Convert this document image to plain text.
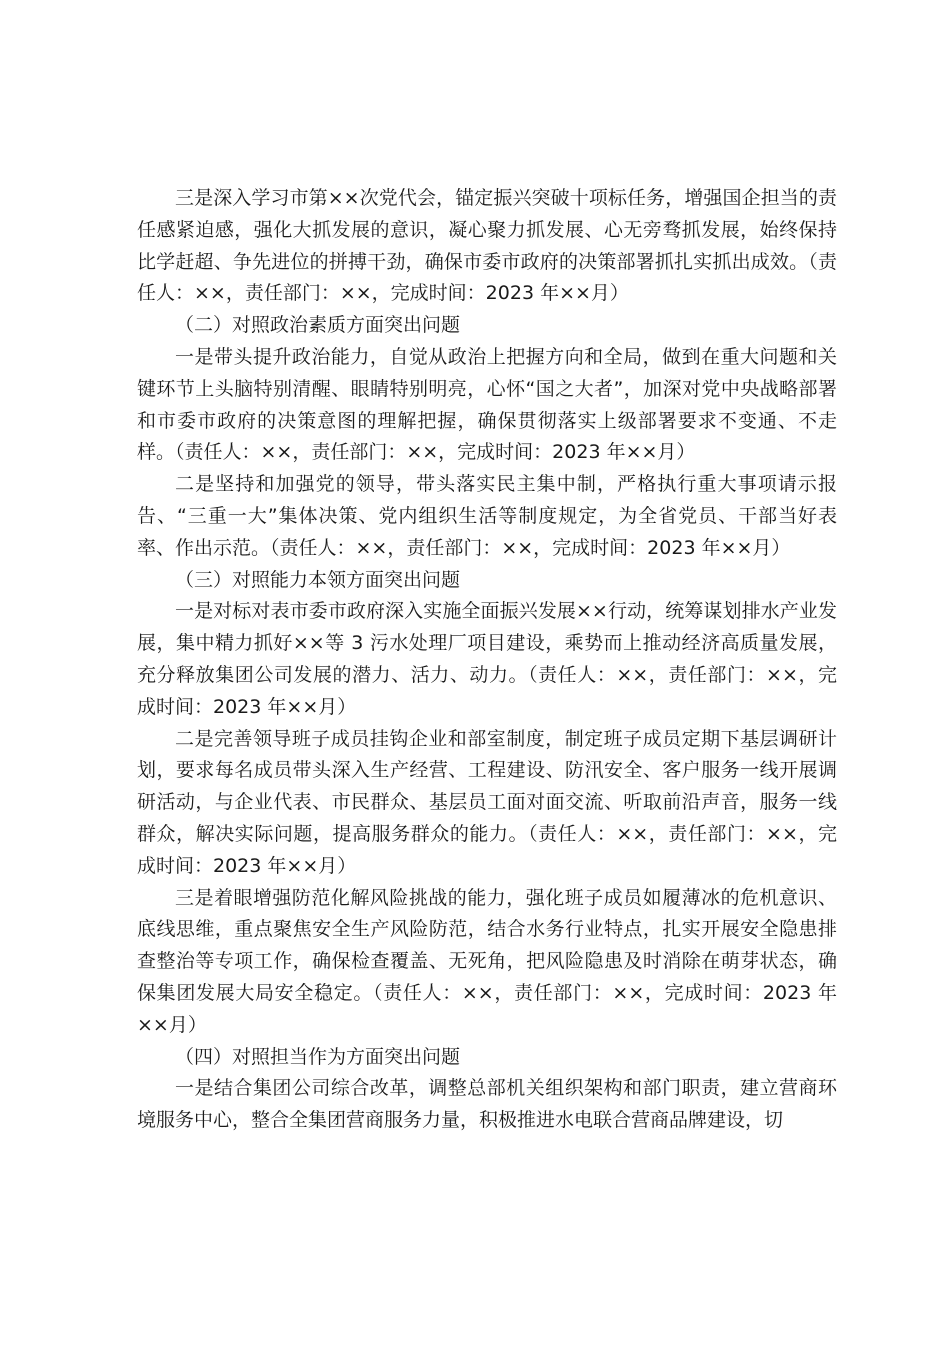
三是深入学习市第××次党代会，锚定振兴突破十项标任务，增强国企担当的责任感紧迫感，强化大抓发展的意识，凝心聚力抓发展、心无旁骛抓发展，始终保持比学赶超、争先进位的拼搏干劲，确保市委市政府的决策部署抓扎实抓出成效。（责任人：××，责任部门：××，完成时间：2023 年××月）

（二）对照政治素质方面突出问题

一是带头提升政治能力，自觉从政治上把握方向和全局，做到在重大问题和关键环节上头脑特别清醒、眼睛特别明亮，心怀“国之大者”，加深对党中央战略部署和市委市政府的决策意图的理解把握，确保贯彻落实上级部署要求不变通、不走样。（责任人：××，责任部门：××，完成时间：2023 年××月）

二是坚持和加强党的领导，带头落实民主集中制，严格执行重大事项请示报告、“三重一大”集体决策、党内组织生活等制度规定，为全省党员、干部当好表率、作出示范。（责任人：××，责任部门：××，完成时间：2023 年××月）

（三）对照能力本领方面突出问题

一是对标对表市委市政府深入实施全面振兴发展××行动，统筹谋划排水产业发展，集中精力抓好××等 3 污水处理厂项目建设，乘势而上推动经济高质量发展，充分释放集团公司发展的潜力、活力、动力。（责任人：××，责任部门：××，完成时间：2023 年××月）

二是完善领导班子成员挂钩企业和部室制度，制定班子成员定期下基层调研计划，要求每名成员带头深入生产经营、工程建设、防汛安全、客户服务一线开展调研活动，与企业代表、市民群众、基层员工面对面交流、听取前沿声音，服务一线群众，解决实际问题，提高服务群众的能力。（责任人：××，责任部门：××，完成时间：2023 年××月）

三是着眼增强防范化解风险挑战的能力，强化班子成员如履薄冰的危机意识、底线思维，重点聚焦安全生产风险防范，结合水务行业特点，扎实开展安全隐患排查整治等专项工作，确保检查覆盖、无死角，把风险隐患及时消除在萌芽状态，确保集团发展大局安全稳定。（责任人：××，责任部门：××，完成时间：2023 年××月）

（四）对照担当作为方面突出问题

一是结合集团公司综合改革，调整总部机关组织架构和部门职责，建立营商环境服务中心，整合全集团营商服务力量，积极推进水电联合营商品牌建设，切
